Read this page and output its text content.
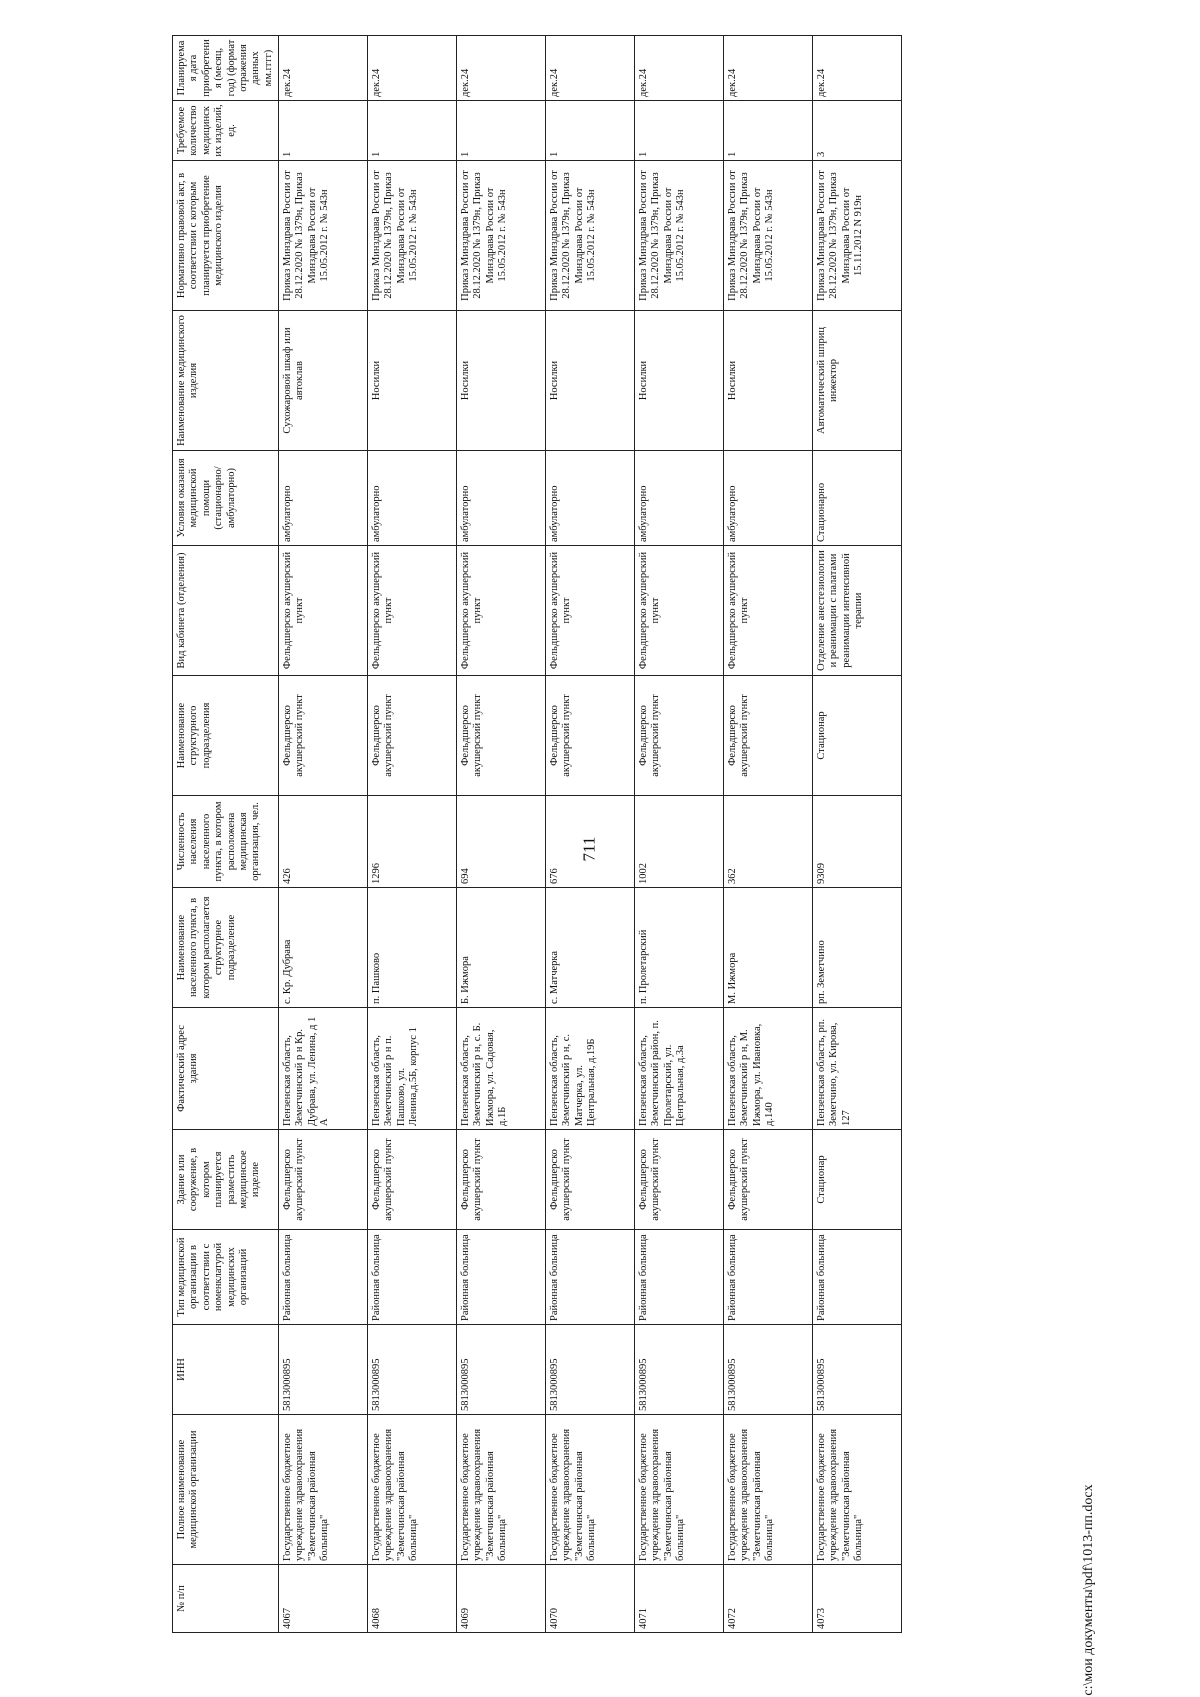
711
№ п/п	Полное наименование медицинской организации	ИНН	Тип медицинской организации в соответствии с номенклатурой медицинских организаций	Здание или сооружение, в котором планируется разместить медицинское изделие	Фактический адрес здания	Наименование населенного пункта, в котором располагается структурное подразделение	Численность населения населенного пункта, в котором расположена медицинская организация, чел.	Наименование структурного подразделения	Вид кабинета (отделения)	Условия оказания медицинской помощи (стационарно/ амбулаторно)	Наименование медицинского изделия	Нормативно правовой акт, в соответствии с которым планируется приобретение медицинского изделия	Требуемое количество медицинских изделий, ед.	Планируемая дата приобретения (месяц, год) (формат отражения данных мм.гггг)
4067	Государственное бюджетное учреждение здравоохранения "Земетчинская районная больница"	5813000895	Районная больница	Фельдшерско акушерский пункт	Пензенская область, Земетчинский р н Кр. Дубрава, ул. Ленина, д 1 А	с. Кр. Дубрава	426	Фельдшерско акушерский пункт	Фельдшерско акушерский пункт	амбулаторно	Сухожаровой шкаф или автоклав	Приказ Минздрава России от 28.12.2020 № 1379н, Приказ Минздрава России от 15.05.2012 г. № 543н	1	дек.24
4068	Государственное бюджетное учреждение здравоохранения "Земетчинская районная больница"	5813000895	Районная больница	Фельдшерско акушерский пункт	Пензенская область, Земетчинский р н п. Пашково, ул. Ленина,д.5Б, корпус 1	п. Пашково	1296	Фельдшерско акушерский пункт	Фельдшерско акушерский пункт	амбулаторно	Носилки	Приказ Минздрава России от 28.12.2020 № 1379н, Приказ Минздрава России от 15.05.2012 г. № 543н	1	дек.24
4069	Государственное бюджетное учреждение здравоохранения "Земетчинская районная больница"	5813000895	Районная больница	Фельдшерско акушерский пункт	Пензенская область, Земетчинский р н, с. Б. Ижмора, ул. Садовая, д.1Б	Б. Ижмора	694	Фельдшерско акушерский пункт	Фельдшерско акушерский пункт	амбулаторно	Носилки	Приказ Минздрава России от 28.12.2020 № 1379н, Приказ Минздрава России от 15.05.2012 г. № 543н	1	дек.24
4070	Государственное бюджетное учреждение здравоохранения "Земетчинская районная больница"	5813000895	Районная больница	Фельдшерско акушерский пункт	Пензенская область, Земетчинский р н, с. Матчерка, ул. Центральная, д.19Б	с. Матчерка	676	Фельдшерско акушерский пункт	Фельдшерско акушерский пункт	амбулаторно	Носилки	Приказ Минздрава России от 28.12.2020 № 1379н, Приказ Минздрава России от 15.05.2012 г. № 543н	1	дек.24
4071	Государственное бюджетное учреждение здравоохранения "Земетчинская районная больница"	5813000895	Районная больница	Фельдшерско акушерский пункт	Пензенская область, Земетчинский район, п. Пролетарский, ул. Центральная, д.3а	п. Пролетарский	1002	Фельдшерско акушерский пункт	Фельдшерско акушерский пункт	амбулаторно	Носилки	Приказ Минздрава России от 28.12.2020 № 1379н, Приказ Минздрава России от 15.05.2012 г. № 543н	1	дек.24
4072	Государственное бюджетное учреждение здравоохранения "Земетчинская районная больница"	5813000895	Районная больница	Фельдшерско акушерский пункт	Пензенская область, Земетчинский р н, М. Ижмора, ул. Ивановка, д.140	М. Ижмора	362	Фельдшерско акушерский пункт	Фельдшерско акушерский пункт	амбулаторно	Носилки	Приказ Минздрава России от 28.12.2020 № 1379н, Приказ Минздрава России от 15.05.2012 г. № 543н	1	дек.24
4073	Государственное бюджетное учреждение здравоохранения "Земетчинская районная больница"	5813000895	Районная больница	Стационар	Пензенская область, рп. Земетчино, ул. Кирова, 127	рп. Земетчино	9309	Стационар	Отделение анестезиологии и реанимации с палатами реанимации интенсивной терапии	Стационарно	Автоматический шприц инжектор	Приказ Минздрава России от 28.12.2020 № 1379н, Приказ Минздрава России от 15.11.2012 N 919н	3	дек.24
c:\мои документы\pdf\1013-пп.docx
